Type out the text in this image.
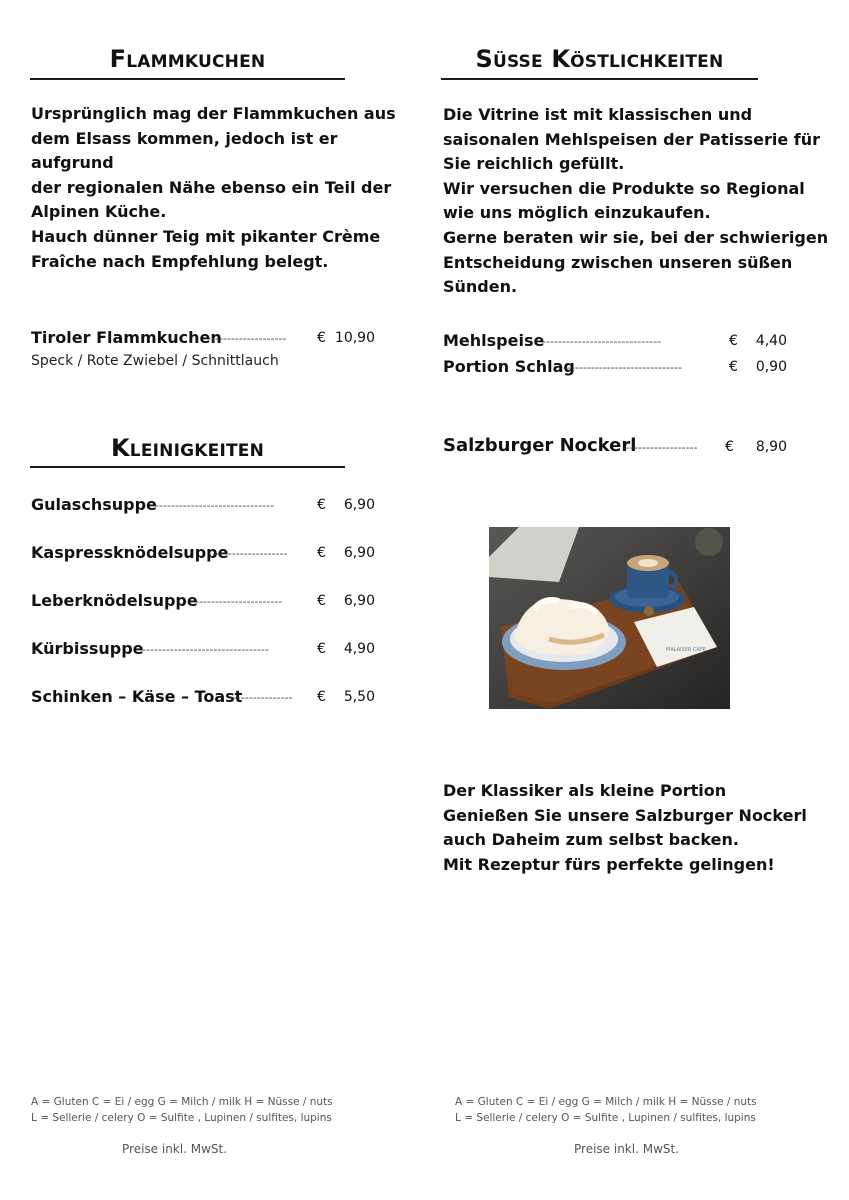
Flammkuchen
Ursprünglich mag der Flammkuchen aus
dem Elsass kommen, jedoch ist er aufgrund
der regionalen Nähe ebenso ein Teil der
Alpinen Küche.
Hauch dünner Teig mit pikanter Crème
Fraîche nach Empfehlung belegt.
Tiroler Flammkuchen
--------------------	€ 10,90
Speck / Rote Zwiebel / Schnittlauch
Kleinigkeiten
Gulaschsuppe
------------------------------	€	6,90
Kaspressknödelsuppe
-------------------	€	6,90
Leberknödelsuppe
-----------------------	€	6,90
Kürbissuppe
---------------------------------	€	4,90
Schinken – Käse – Toast
----------------	€	5,50
A = Gluten C = Ei / egg G = Milch / milk H = Nüsse / nuts
L = Sellerie / celery O = Sulfite , Lupinen / sulfites, lupins
Preise inkl. MwSt.
Süße Köstlichkeiten
Die Vitrine ist mit klassischen und
saisonalen Mehlspeisen der Patisserie für
Sie reichlich gefüllt.
Wir versuchen die Produkte so Regional
wie uns möglich einzukaufen.
Gerne beraten wir sie, bei der schwierigen
Entscheidung zwischen unseren süßen
Sünden.
Mehlspeise
------------------------------	€	4,40
Portion Schlag
------------------------------	€	0,90
Salzburger Nockerl
-------------------	€	8,90
MALAISER·CAFE
Der Klassiker als kleine Portion
Genießen Sie unsere Salzburger Nockerl
auch Daheim zum selbst backen.
Mit Rezeptur fürs perfekte gelingen!
A = Gluten C = Ei / egg G = Milch / milk H = Nüsse / nuts
L = Sellerie / celery O = Sulfite , Lupinen / sulfites, lupins
Preise inkl. MwSt.
